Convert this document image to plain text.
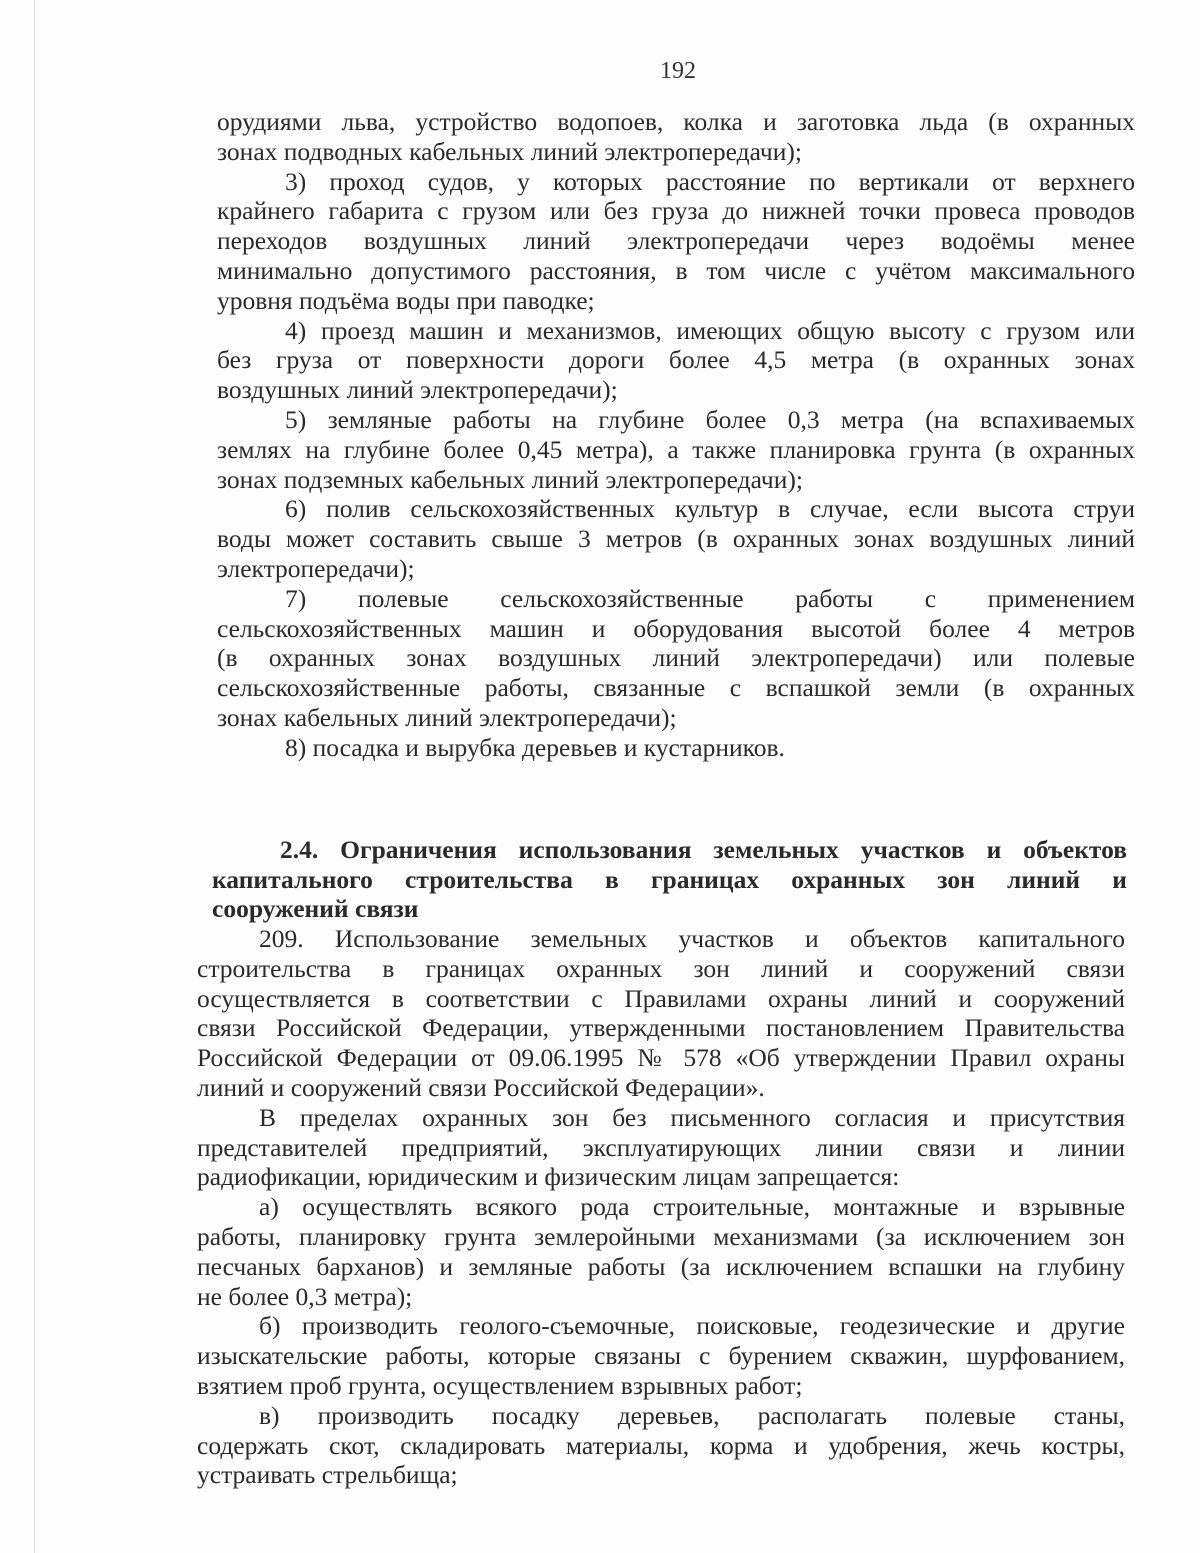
192
орудиями льва, устройство водопоев, колка и заготовка льда (в охранных
зонах подводных кабельных линий электропередачи);
3) проход судов, у которых расстояние по вертикали от верхнего
крайнего габарита с грузом или без груза до нижней точки провеса проводов
переходов воздушных линий электропередачи через водоёмы менее
минимально допустимого расстояния, в том числе с учётом максимального
уровня подъёма воды при паводке;
4) проезд машин и механизмов, имеющих общую высоту с грузом или
без груза от поверхности дороги более 4,5 метра (в охранных зонах
воздушных линий электропередачи);
5) земляные работы на глубине более 0,3 метра (на вспахиваемых
землях на глубине более 0,45 метра), а также планировка грунта (в охранных
зонах подземных кабельных линий электропередачи);
6) полив сельскохозяйственных культур в случае, если высота струи
воды может составить свыше 3 метров (в охранных зонах воздушных линий
электропередачи);
7) полевые сельскохозяйственные работы с применением
сельскохозяйственных машин и оборудования высотой более 4 метров
(в охранных зонах воздушных линий электропередачи) или полевые
сельскохозяйственные работы, связанные с вспашкой земли (в охранных
зонах кабельных линий электропередачи);
8) посадка и вырубка деревьев и кустарников.
2.4. Ограничения использования земельных участков и объектов
капитального строительства в границах охранных зон линий и
сооружений связи
209. Использование земельных участков и объектов капитального
строительства в границах охранных зон линий и сооружений связи
осуществляется в соответствии с Правилами охраны линий и сооружений
связи Российской Федерации, утвержденными постановлением Правительства
Российской Федерации от 09.06.1995 № 578 «Об утверждении Правил охраны
линий и сооружений связи Российской Федерации».
В пределах охранных зон без письменного согласия и присутствия
представителей предприятий, эксплуатирующих линии связи и линии
радиофикации, юридическим и физическим лицам запрещается:
а) осуществлять всякого рода строительные, монтажные и взрывные
работы, планировку грунта землеройными механизмами (за исключением зон
песчаных барханов) и земляные работы (за исключением вспашки на глубину
не более 0,3 метра);
б) производить геолого-съемочные, поисковые, геодезические и другие
изыскательские работы, которые связаны с бурением скважин, шурфованием,
взятием проб грунта, осуществлением взрывных работ;
в) производить посадку деревьев, располагать полевые станы,
содержать скот, складировать материалы, корма и удобрения, жечь костры,
устраивать стрельбища;
